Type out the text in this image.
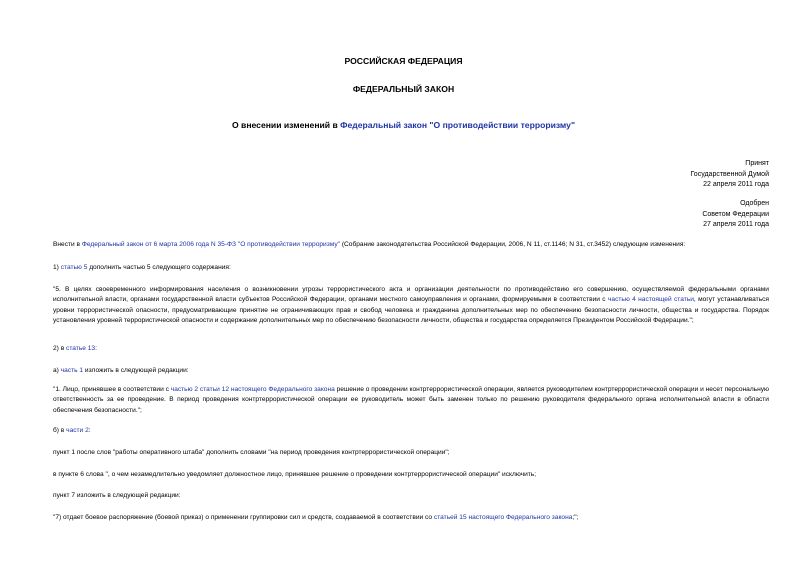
РОССИЙСКАЯ ФЕДЕРАЦИЯ
ФЕДЕРАЛЬНЫЙ ЗАКОН
О внесении изменений в Федеральный закон "О противодействии терроризму"
Принят
Государственной Думой
22 апреля 2011 года
Одобрен
Советом Федерации
27 апреля 2011 года
Внести в Федеральный закон от 6 марта 2006 года N 35-ФЗ "О противодействии терроризму" (Собрание законодательства Российской Федерации, 2006, N 11, ст.1146; N 31, ст.3452) следующие изменения:
1) статью 5 дополнить частью 5 следующего содержания:
"5. В целях своевременного информирования населения о возникновении угрозы террористического акта и организации деятельности по противодействию его совершению, осуществляемой федеральными органами исполнительной власти, органами государственной власти субъектов Российской Федерации, органами местного самоуправления и органами, формируемыми в соответствии с частью 4 настоящей статьи, могут устанавливаться уровни террористической опасности, предусматривающие принятие не ограничивающих прав и свобод человека и гражданина дополнительных мер по обеспечению безопасности личности, общества и государства. Порядок установления уровней террористической опасности и содержание дополнительных мер по обеспечению безопасности личности, общества и государства определяется Президентом Российской Федерации.";
2) в статье 13:
а) часть 1 изложить в следующей редакции:
"1. Лицо, принявшее в соответствии с частью 2 статьи 12 настоящего Федерального закона решение о проведении контртеррористической операции, является руководителем контртеррористической операции и несет персональную ответственность за ее проведение. В период проведения контртеррористической операции ее руководитель может быть заменен только по решению руководителя федерального органа исполнительной власти в области обеспечения безопасности.";
б) в части 2:
пункт 1 после слов "работы оперативного штаба" дополнить словами "на период проведения контртеррористической операции";
в пункте 6 слова ", о чем незамедлительно уведомляет должностное лицо, принявшее решение о проведении контртеррористической операции" исключить;
пункт 7 изложить в следующей редакции:
"7) отдает боевое распоряжение (боевой приказ) о применении группировки сил и средств, создаваемой в соответствии со статьей 15 настоящего Федерального закона;";
